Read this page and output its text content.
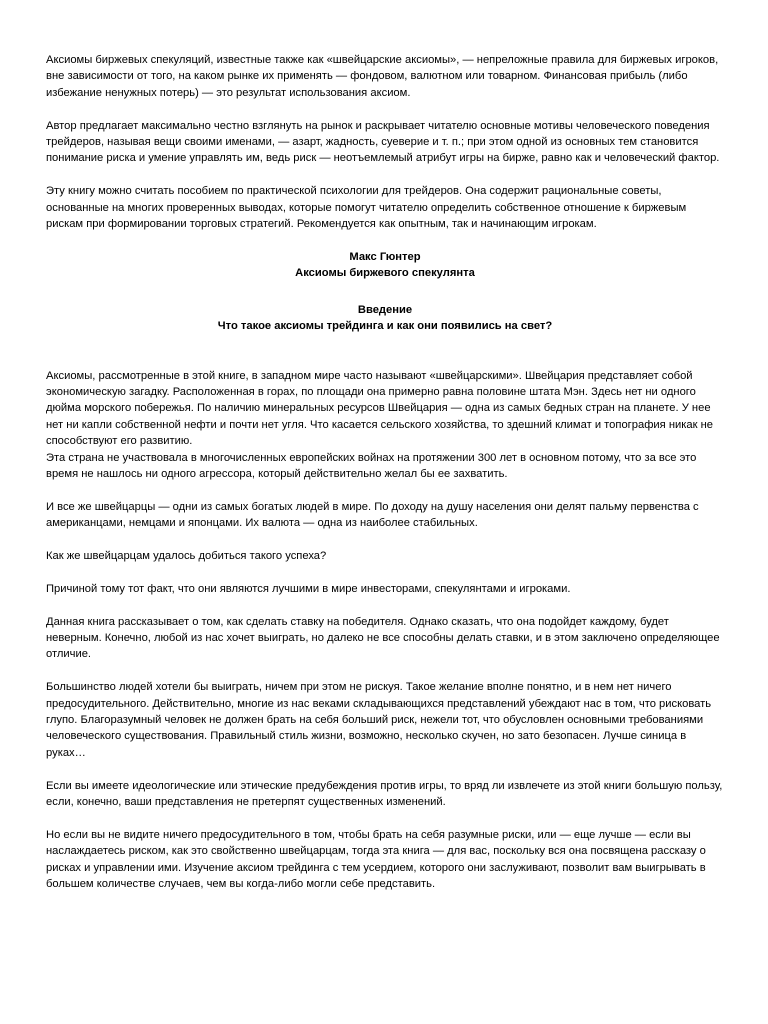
Аксиомы биржевых спекуляций, известные также как «швейцарские аксиомы», — непреложные правила для биржевых игроков, вне зависимости от того, на каком рынке их применять — фондовом, валютном или товарном. Финансовая прибыль (либо избежание ненужных потерь) — это результат использования аксиом.

Автор предлагает максимально честно взглянуть на рынок и раскрывает читателю основные мотивы человеческого поведения трейдеров, называя вещи своими именами, — азарт, жадность, суеверие и т. п.; при этом одной из основных тем становится понимание риска и умение управлять им, ведь риск — неотъемлемый атрибут игры на бирже, равно как и человеческий фактор.

Эту книгу можно считать пособием по практической психологии для трейдеров. Она содержит рациональные советы, основанные на многих проверенных выводах, которые помогут читателю определить собственное отношение к биржевым рискам при формировании торговых стратегий. Рекомендуется как опытным, так и начинающим игрокам.

Макс Гюнтер
Аксиомы биржевого спекулянта
Введение
Что такое аксиомы трейдинга и как они появились на свет?

Аксиомы, рассмотренные в этой книге, в западном мире часто называют «швейцарскими». Швейцария представляет собой экономическую загадку. Расположенная в горах, по площади она примерно равна половине штата Мэн. Здесь нет ни одного дюйма морского побережья. По наличию минеральных ресурсов Швейцария — одна из самых бедных стран на планете. У нее нет ни капли собственной нефти и почти нет угля. Что касается сельского хозяйства, то здешний климат и топография никак не способствуют его развитию.

Эта страна не участвовала в многочисленных европейских войнах на протяжении 300 лет в основном потому, что за все это время не нашлось ни одного агрессора, который действительно желал бы ее захватить.

И все же швейцарцы — одни из самых богатых людей в мире. По доходу на душу населения они делят пальму первенства с американцами, немцами и японцами. Их валюта — одна из наиболее стабильных.

Как же швейцарцам удалось добиться такого успеха?

Причиной тому тот факт, что они являются лучшими в мире инвесторами, спекулянтами и игроками.

Данная книга рассказывает о том, как сделать ставку на победителя. Однако сказать, что она подойдет каждому, будет неверным. Конечно, любой из нас хочет выиграть, но далеко не все способны делать ставки, и в этом заключено определяющее отличие.

Большинство людей хотели бы выиграть, ничем при этом не рискуя. Такое желание вполне понятно, и в нем нет ничего предосудительного. Действительно, многие из нас веками складывающихся представлений убеждают нас в том, что рисковать глупо. Благоразумный человек не должен брать на себя больший риск, нежели тот, что обусловлен основными требованиями человеческого существования. Правильный стиль жизни, возможно, несколько скучен, но зато безопасен. Лучше синица в руках…

Если вы имеете идеологические или этические предубеждения против игры, то вряд ли извлечете из этой книги большую пользу, если, конечно, ваши представления не претерпят существенных изменений.

Но если вы не видите ничего предосудительного в том, чтобы брать на себя разумные риски, или — еще лучше — если вы наслаждаетесь риском, как это свойственно швейцарцам, тогда эта книга — для вас, поскольку вся она посвящена рассказу о рисках и управлении ими. Изучение аксиом трейдинга с тем усердием, которого они заслуживают, позволит вам выигрывать в большем количестве случаев, чем вы когда-либо могли себе представить.
